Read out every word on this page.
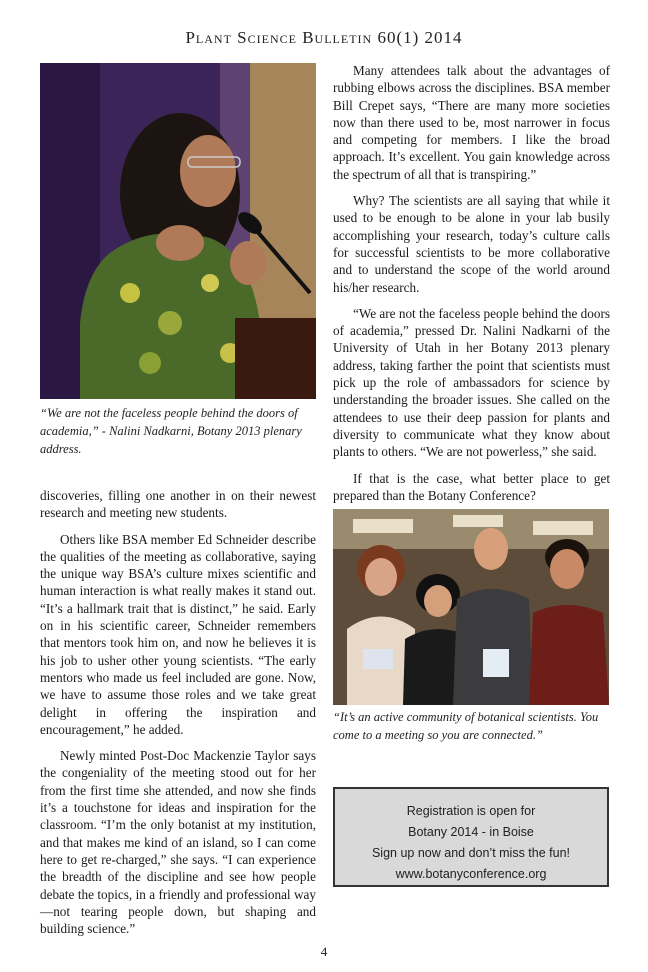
Plant Science Bulletin 60(1) 2014
“We are not the faceless people behind the doors of academia,” - Nalini Nadkarni, Botany 2013 plenary address.

Many attendees talk about the advantages of rubbing elbows across the disciplines. BSA member Bill Crepet says, “There are many more societies now than there used to be, most narrower in focus and competing for members. I like the broad approach. It’s excellent. You gain knowledge across the spectrum of all that is transpiring.”

Why? The scientists are all saying that while it used to be enough to be alone in your lab busily accomplishing your research, today’s culture calls for successful scientists to be more collaborative and to understand the scope of the world around his/her research.

“We are not the faceless people behind the doors of academia,” pressed Dr. Nalini Nadkarni of the University of Utah in her Botany 2013 plenary address, taking farther the point that scientists must pick up the role of ambassadors for science by understanding the broader issues. She called on the attendees to use their deep passion for plants and diversity to communicate what they know about plants to others. “We are not powerless,” she said.

If that is the case, what better place to get prepared than the Botany Conference?

discoveries, filling one another in on their newest research and meeting new students.

Others like BSA member Ed Schneider describe the qualities of the meeting as collaborative, saying the unique way BSA’s culture mixes scientific and human interaction is what really makes it stand out. “It’s a hallmark trait that is distinct,” he said. Early on in his scientific career, Schneider remembers that mentors took him on, and now he believes it is his job to usher other young scientists. “The early mentors who made us feel included are gone. Now, we have to assume those roles and we take great delight in offering the inspiration and encouragement,” he added.

Newly minted Post-Doc Mackenzie Taylor says the congeniality of the meeting stood out for her from the first time she attended, and now she finds it’s a touchstone for ideas and inspiration for the classroom. “I’m the only botanist at my institution, and that makes me kind of an island, so I can come here to get re-charged,” she says. “I can experience the breadth of the discipline and see how people debate the topics, in a friendly and professional way—not tearing people down, but shaping and building science.”

“It’s an active community of botanical scientists. You come to a meeting so you are connected.”
Registration is open for
Botany 2014 - in Boise
Sign up now and don’t miss the fun!
www.botanyconference.org
4
